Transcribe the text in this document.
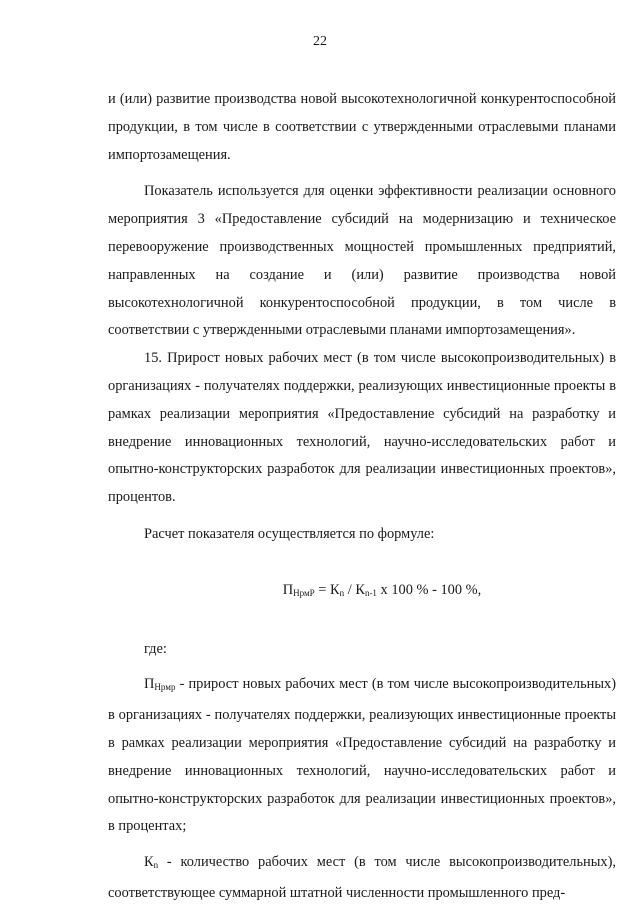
22

и (или) развитие производства новой высокотехнологичной конкурентоспособной продукции, в том числе в соответствии с утвержденными отраслевыми планами импортозамещения.

Показатель используется для оценки эффективности реализации основного мероприятия 3 «Предоставление субсидий на модернизацию и техническое перевооружение производственных мощностей промышленных предприятий, направленных на создание и (или) развитие производства новой высокотехнологичной конкурентоспособной продукции, в том числе в соответствии с утвержденными отраслевыми планами импортозамещения».

15. Прирост новых рабочих мест (в том числе высокопроизводительных) в организациях - получателях поддержки, реализующих инвестиционные проекты в рамках реализации мероприятия «Предоставление субсидий на разработку и внедрение инновационных технологий, научно-исследовательских работ и опытно-конструкторских разработок для реализации инвестиционных проектов», процентов.

Расчет показателя осуществляется по формуле:

$П_{НрмР} = К_n / К_{n-1}$ x 100 % - 100 %,

где:

$П_{Нрмр}$ - прирост новых рабочих мест (в том числе высокопроизводительных) в организациях - получателях поддержки, реализующих инвестиционные проекты в рамках реализации мероприятия «Предоставление субсидий на разработку и внедрение инновационных технологий, научно-исследовательских работ и опытно-конструкторских разработок для реализации инвестиционных проектов», в процентах;

$К_n$ - количество рабочих мест (в том числе высокопроизводительных), соответствующее суммарной штатной численности промышленного пред-
